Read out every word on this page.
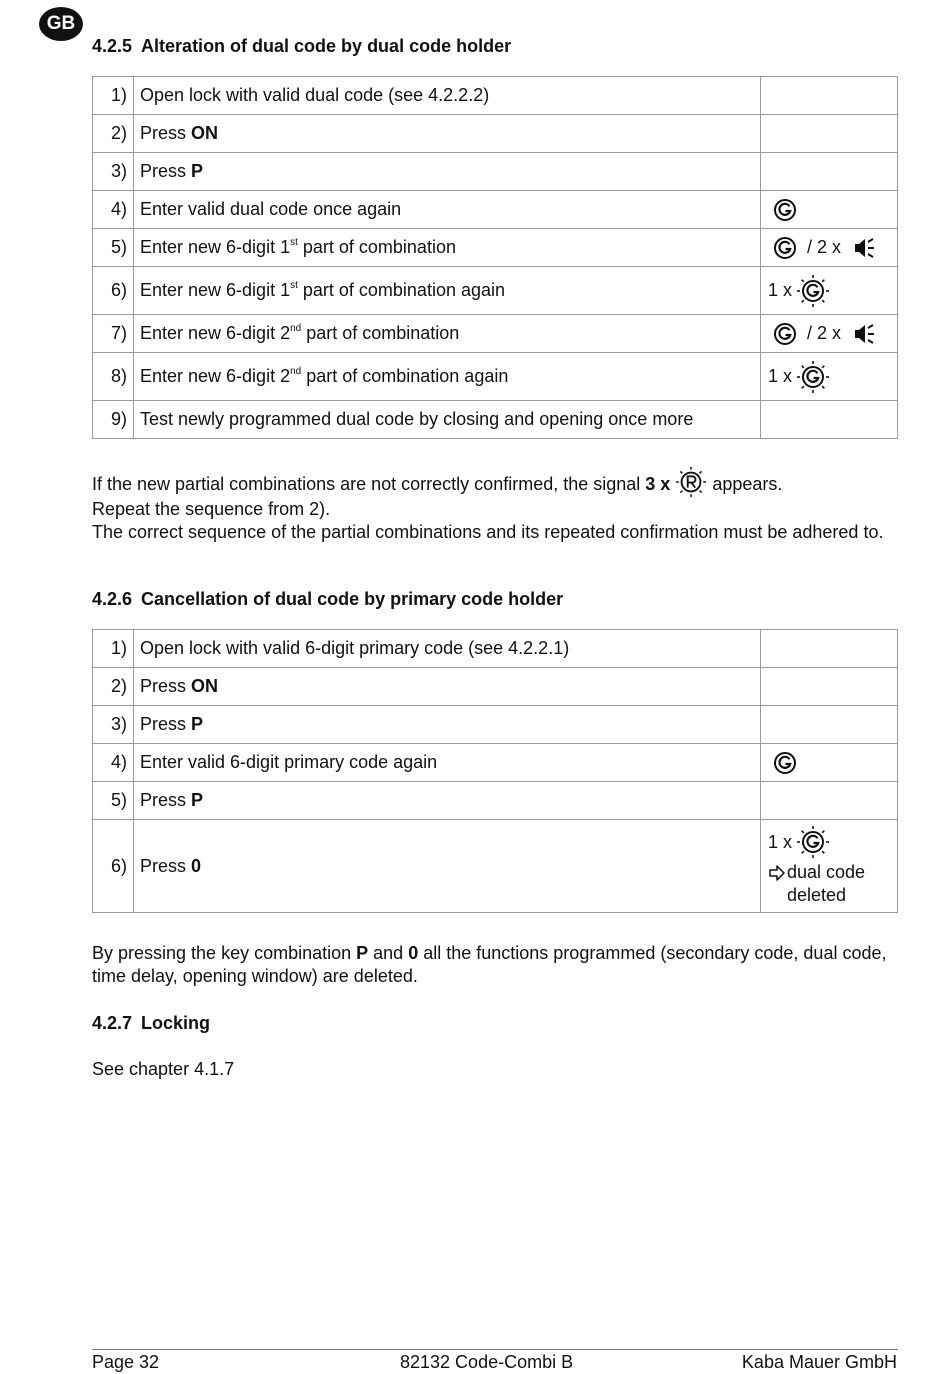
GB
4.2.5 Alteration of dual code by dual code holder
1)	Open lock with valid dual code (see 4.2.2.2)	
2)	Press ON	
3)	Press P	
4)	Enter valid dual code once again	

5)	Enter new 6-digit 1st part of combination	/ 2 x

6)	Enter new 6-digit 1st part of combination again	1 x

7)	Enter new 6-digit 2nd part of combination	/ 2 x

8)	Enter new 6-digit 2nd part of combination again	1 x

9)	Test newly programmed dual code by closing and opening once more	

If the new partial combinations are not correctly confirmed, the signal 3 x  appears.
Repeat the sequence from 2).
The correct sequence of the partial combinations and its repeated confirmation must be adhered to.

4.2.6 Cancellation of dual code by primary code holder
1)	Open lock with valid 6-digit primary code (see 4.2.2.1)	
2)	Press ON	
3)	Press P	
4)	Enter valid 6-digit primary code again	

5)	Press P	
6)	Press 0	1 x
dual code
deleted

By pressing the key combination P and 0 all the functions programmed (secondary code, dual code, time delay, opening window) are deleted.

4.2.7 Locking

See chapter 4.1.7

Page 32	82132 Code-Combi B	Kaba Mauer GmbH
